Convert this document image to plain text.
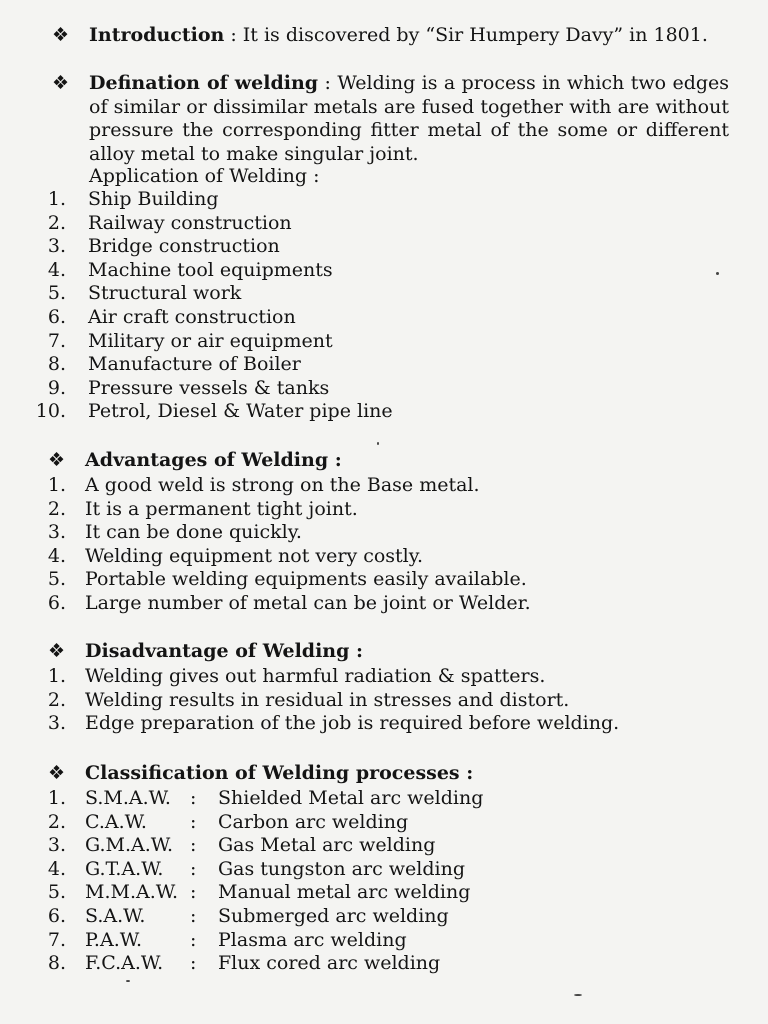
❖ Introduction : It is discovered by “Sir Humpery Davy” in 1801.
❖ Defination of welding : Welding is a process in which two edges of similar or dissimilar metals are fused together with are without pressure the corresponding fitter metal of the some or different alloy metal to make singular joint.
Application of Welding :
1. Ship Building
2. Railway construction
3. Bridge construction
4. Machine tool equipments
5. Structural work
6. Air craft construction
7. Military or air equipment
8. Manufacture of Boiler
9. Pressure vessels & tanks
10. Petrol, Diesel & Water pipe line
❖ Advantages of Welding :
1. A good weld is strong on the Base metal.
2. It is a permanent tight joint.
3. It can be done quickly.
4. Welding equipment not very costly.
5. Portable welding equipments easily available.
6. Large number of metal can be joint or Welder.
❖ Disadvantage of Welding :
1. Welding gives out harmful radiation & spatters.
2. Welding results in residual in stresses and distort.
3. Edge preparation of the job is required before welding.
❖ Classification of Welding processes :
1. S.M.A.W. : Shielded Metal arc welding
2. C.A.W. : Carbon arc welding
3. G.M.A.W. : Gas Metal arc welding
4. G.T.A.W. : Gas tungston arc welding
5. M.M.A.W. : Manual metal arc welding
6. S.A.W. : Submerged arc welding
7. P.A.W.	: Plasma arc welding
8. F.C.A.W. : Flux cored arc welding
